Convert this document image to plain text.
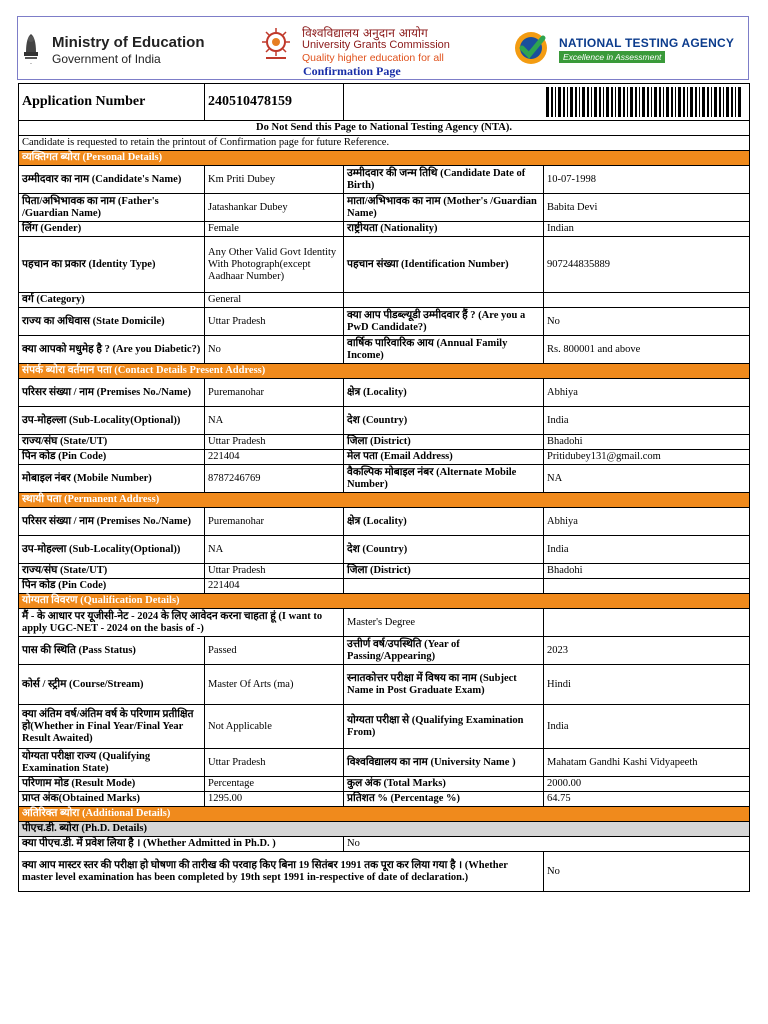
~
Ministry of Education
Government of India
विश्वविद्यालय अनुदान आयोग
University Grants Commission
Quality higher education for all
Confirmation Page
NATIONAL TESTING AGENCY
Excellence in Assessment
Application Number	240510478159		

Do Not Send this Page to National Testing Agency (NTA).			
Candidate is requested to retain the printout of Confirmation page for future Reference.			
व्यक्तिगत ब्योरा (Personal Details)			
उम्मीदवार का नाम (Candidate's Name)	Km Priti Dubey	उम्मीदवार की जन्म तिथि (Candidate Date of Birth)	10-07-1998
पिता/अभिभावक का नाम (Father's /Guardian Name)	Jatashankar Dubey	माता/अभिभावक का नाम (Mother's /Guardian Name)	Babita Devi
लिंग (Gender)	Female	राष्ट्रीयता (Nationality)	Indian
पहचान का प्रकार (Identity Type)	Any Other Valid Govt Identity With Photograph(except Aadhaar Number)	पहचान संख्या (Identification Number)	907244835889
वर्ग (Category)	General		
राज्य का अधिवास (State Domicile)	Uttar Pradesh	क्या आप पीडब्ल्यूडी उम्मीदवार हैं ? (Are you a PwD Candidate?)	No
क्या आपको मधुमेह है ? (Are you Diabetic?)	No	वार्षिक पारिवारिक आय (Annual Family Income)	Rs. 800001 and above
संपर्क ब्योरा वर्तमान पता (Contact Details Present Address)			
परिसर संख्या / नाम (Premises No./Name)	Puremanohar	क्षेत्र (Locality)	Abhiya
उप-मोहल्ला (Sub-Locality(Optional))	NA	देश (Country)	India
राज्य/संघ (State/UT)	Uttar Pradesh	जिला (District)	Bhadohi
पिन कोड (Pin Code)	221404	मेल पता (Email Address)	Pritidubey131@gmail.com
मोबाइल नंबर (Mobile Number)	8787246769	वैकल्पिक मोबाइल नंबर (Alternate Mobile Number)	NA
स्थायी पता (Permanent Address)			
परिसर संख्या / नाम (Premises No./Name)	Puremanohar	क्षेत्र (Locality)	Abhiya
उप-मोहल्ला (Sub-Locality(Optional))	NA	देश (Country)	India
राज्य/संघ (State/UT)	Uttar Pradesh	जिला (District)	Bhadohi
पिन कोड (Pin Code)	221404		
योग्यता विवरण (Qualification Details)			
मैं - के आधार पर यूजीसी-नेट - 2024 के लिए आवेदन करना चाहता हूं (I want to apply UGC-NET - 2024 on the basis of -)		Master's Degree	
पास की स्थिति (Pass Status)	Passed	उत्तीर्ण वर्ष/उपस्थिति (Year of Passing/Appearing)	2023
कोर्स / स्ट्रीम (Course/Stream)	Master Of Arts (ma)	स्नातकोत्तर परीक्षा में विषय का नाम (Subject Name in Post Graduate Exam)	Hindi
क्या अंतिम वर्ष/अंतिम वर्ष के परिणाम प्रतीक्षित हो(Whether in Final Year/Final Year Result Awaited)	Not Applicable	योग्यता परीक्षा से (Qualifying Examination From)	India
योग्यता परीक्षा राज्य (Qualifying Examination State)	Uttar Pradesh	विश्वविद्यालय का नाम (University Name )	Mahatam Gandhi Kashi Vidyapeeth
परिणाम मोड (Result Mode)	Percentage	कुल अंक (Total Marks)	2000.00
प्राप्त अंक(Obtained Marks)	1295.00	प्रतिशत % (Percentage %)	64.75
अतिरिक्त ब्योरा (Additional Details)			
पीएच.डी. ब्योरा (Ph.D. Details)			
क्या पीएच.डी. में प्रवेश लिया है । (Whether Admitted in Ph.D. )		No	
क्या आप मास्टर स्तर की परीक्षा हो घोषणा की तारीख की परवाह किए बिना 19 सितंबर 1991 तक पूरा कर लिया गया है । (Whether master level examination has been completed by 19th sept 1991 in-respective of date of declaration.)			No
